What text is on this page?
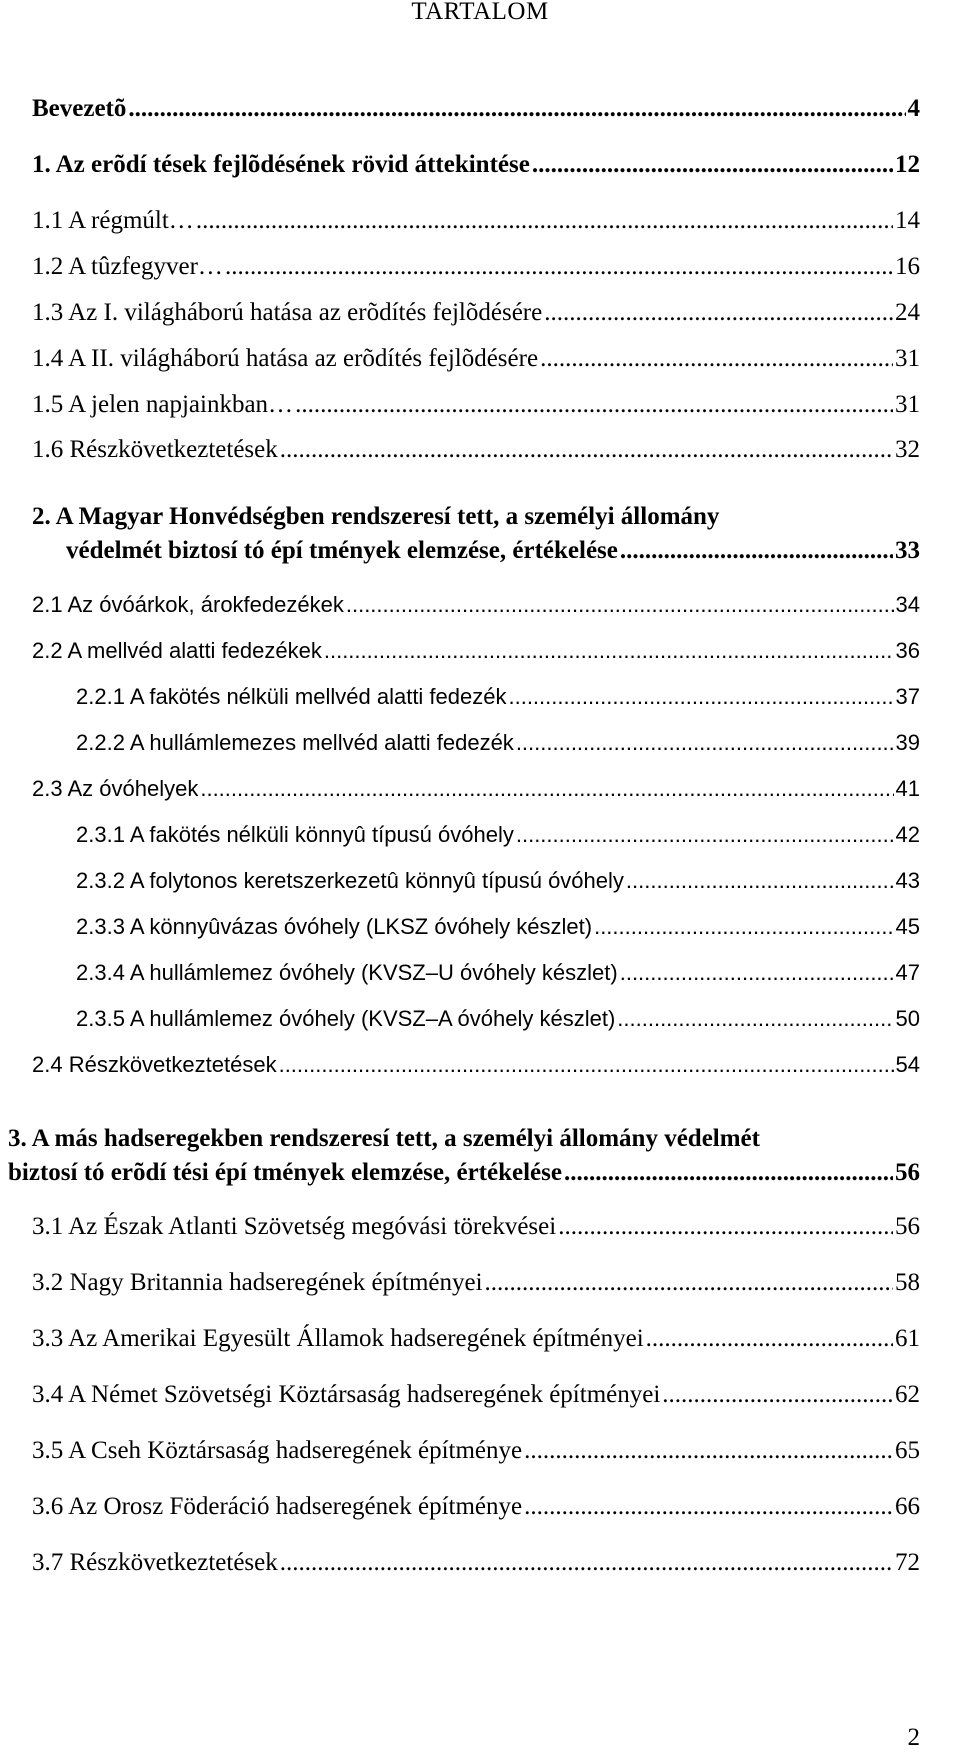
TARTALOM
Bevezetõ .....	4
1. Az erõdí tések fejlõdésének rövid áttekintése .....	12
1.1 A régmúlt… .....	14
1.2 A tûzfegyver… .....	16
1.3 Az I. világháború hatása az erõdítés fejlõdésére .....	24
1.4 A II. világháború hatása az erõdítés fejlõdésére .....	31
1.5 A jelen napjainkban… .....	31
1.6 Részkövetkeztetések .....	32
2. A Magyar Honvédségben rendszeresí tett, a személyi állomány
védelmét biztosí tó épí tmények elemzése, értékelése .....	33
2.1 Az óvóárkok, árokfedezékek .....	34
2.2 A mellvéd alatti fedezékek .....	36
2.2.1 A fakötés nélküli mellvéd alatti fedezék .....	37
2.2.2 A hullámlemezes mellvéd alatti fedezék .....	39
2.3 Az óvóhelyek .....	41
2.3.1 A fakötés nélküli könnyû típusú óvóhely .....	42
2.3.2 A folytonos keretszerkezetû könnyû típusú óvóhely .....	43
2.3.3 A könnyûvázas óvóhely (LKSZ óvóhely készlet) .....	45
2.3.4 A hullámlemez óvóhely (KVSZ–U óvóhely készlet) .....	47
2.3.5 A hullámlemez óvóhely (KVSZ–A óvóhely készlet) .....	50
2.4 Részkövetkeztetések .....	54
3. A más hadseregekben rendszeresí tett, a személyi állomány védelmét
biztosí tó erõdí tési épí tmények elemzése, értékelése .....	56
3.1 Az Észak Atlanti Szövetség megóvási törekvései .....	56
3.2 Nagy Britannia hadseregének építményei .....	58
3.3 Az Amerikai Egyesült Államok hadseregének építményei .....	61
3.4 A Német Szövetségi Köztársaság hadseregének építményei .....	62
3.5 A Cseh Köztársaság hadseregének építménye .....	65
3.6 Az Orosz Föderáció hadseregének építménye .....	66
3.7 Részkövetkeztetések .....	72
2
